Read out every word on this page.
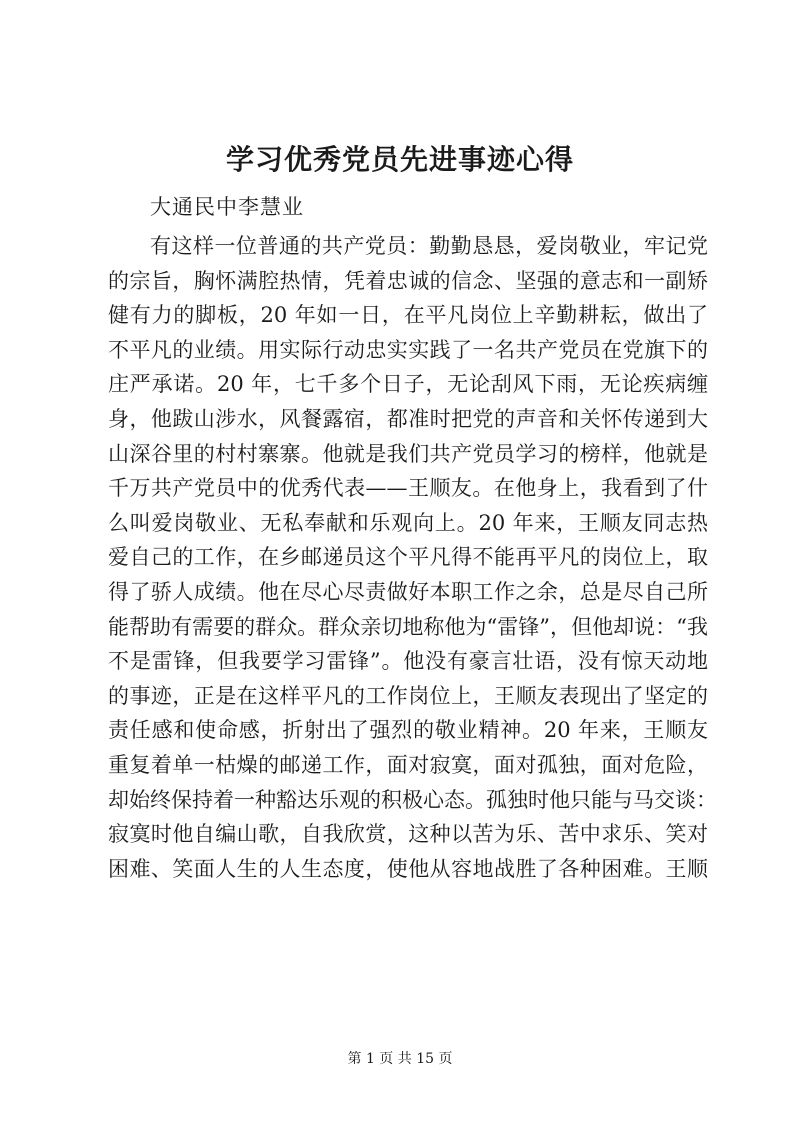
学习优秀党员先进事迹心得
大通民中李慧业
有这样一位普通的共产党员：勤勤恳恳，爱岗敬业，牢记党
的宗旨，胸怀满腔热情，凭着忠诚的信念、坚强的意志和一副矫
健有力的脚板，20 年如一日，在平凡岗位上辛勤耕耘，做出了
不平凡的业绩。用实际行动忠实实践了一名共产党员在党旗下的
庄严承诺。20 年，七千多个日子，无论刮风下雨，无论疾病缠
身，他跋山涉水，风餐露宿，都准时把党的声音和关怀传递到大
山深谷里的村村寨寨。他就是我们共产党员学习的榜样，他就是
千万共产党员中的优秀代表——王顺友。在他身上，我看到了什
么叫爱岗敬业、无私奉献和乐观向上。20 年来，王顺友同志热
爱自己的工作，在乡邮递员这个平凡得不能再平凡的岗位上，取
得了骄人成绩。他在尽心尽责做好本职工作之余，总是尽自己所
能帮助有需要的群众。群众亲切地称他为“雷锋”，但他却说：“我
不是雷锋，但我要学习雷锋”。他没有豪言壮语，没有惊天动地
的事迹，正是在这样平凡的工作岗位上，王顺友表现出了坚定的
责任感和使命感，折射出了强烈的敬业精神。20 年来，王顺友
重复着单一枯燥的邮递工作，面对寂寞，面对孤独，面对危险，
却始终保持着一种豁达乐观的积极心态。孤独时他只能与马交谈：
寂寞时他自编山歌，自我欣赏，这种以苦为乐、苦中求乐、笑对
困难、笑面人生的人生态度，使他从容地战胜了各种困难。王顺
第 1 页 共 15 页
